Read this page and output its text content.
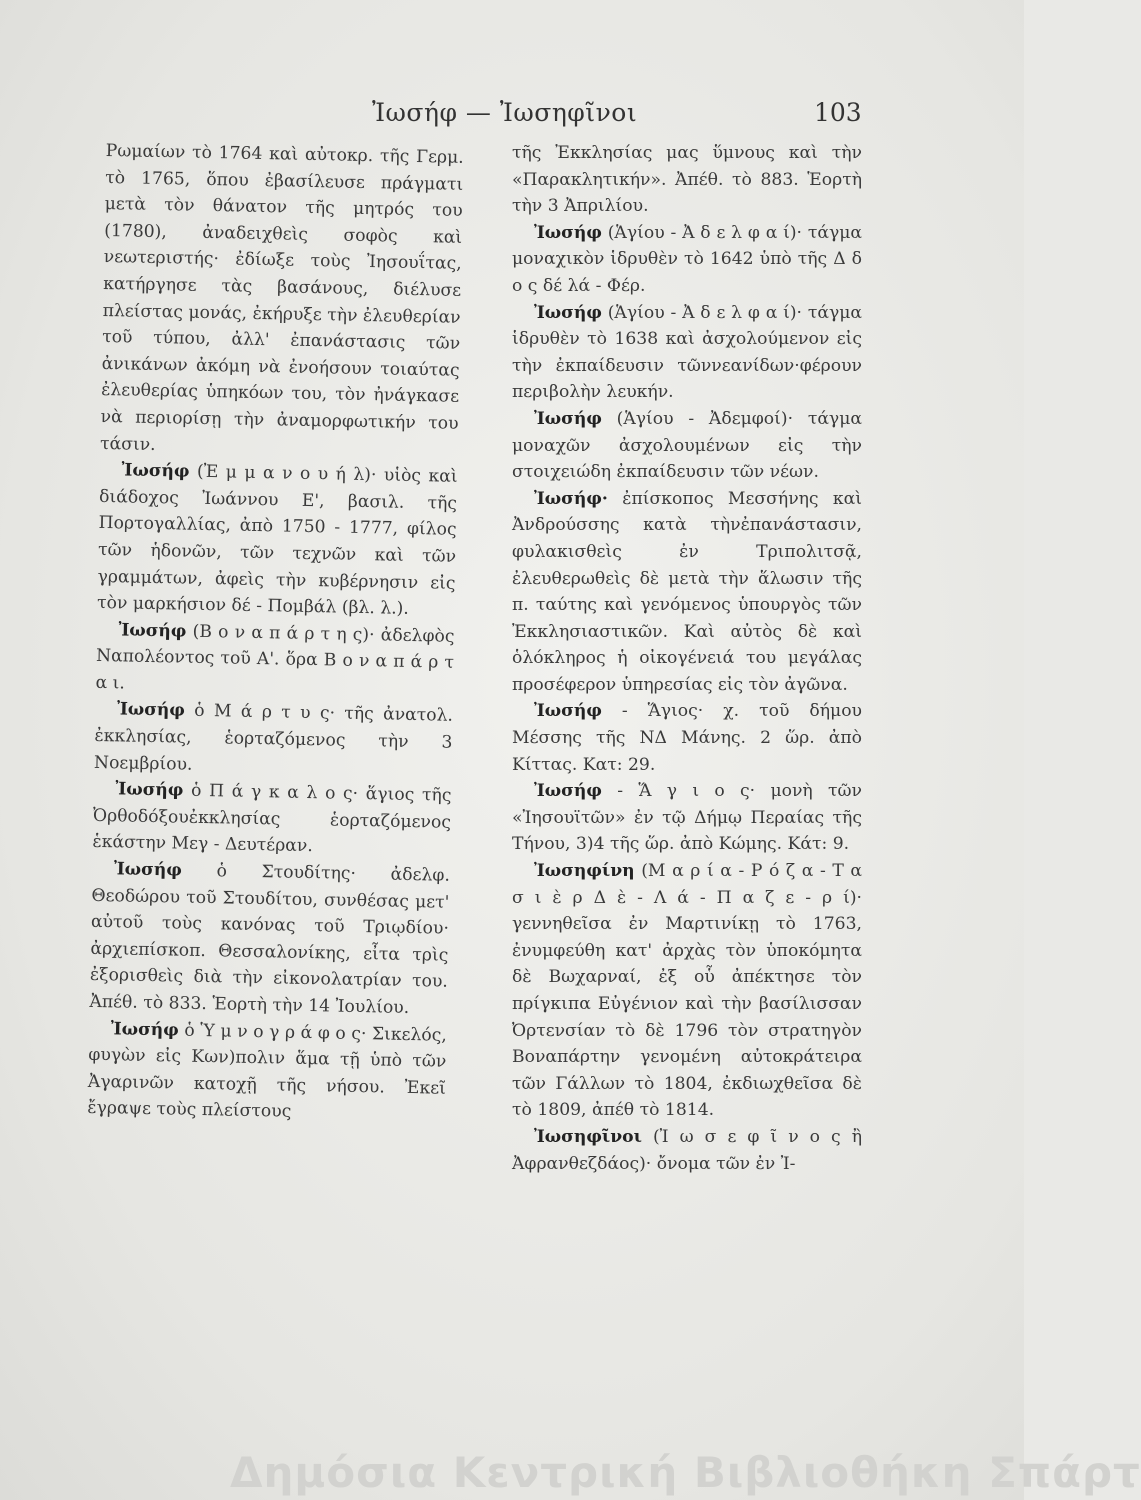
Ἰωσήφ — Ἰωσηφῖνοι	103

Ρωμαίων τὸ 1764 καὶ αὐτοκρ. τῆς Γερμ. τὸ 1765, ὅπου ἐβασίλευσε πράγματι μετὰ τὸν θάνατον τῆς μητρός του (1780), ἀναδειχθεὶς σοφὸς καὶ νεωτεριστής· ἐδίωξε τοὺς Ἰησουΐτας, κατήργησε τὰς βασάνους, διέλυσε πλείστας μονάς, ἐκήρυξε τὴν ἐλευθερίαν τοῦ τύπου, ἀλλ' ἐπανάστασις τῶν ἀνικάνων ἀκόμη νὰ ἐνοήσουν τοιαύτας ἐλευθερίας ὑπηκόων του, τὸν ἠνάγκασε νὰ περιορίσῃ τὴν ἀναμορφωτικήν του τάσιν.

Ἰωσήφ (Ἐ μ μ α ν ο υ ή λ)· υἱὸς καὶ διάδοχος Ἰωάννου Ε', βασιλ. τῆς Πορτογαλλίας, ἀπὸ 1750 - 1777, φίλος τῶν ἡδονῶν, τῶν τεχνῶν καὶ τῶν γραμμάτων, ἀφεὶς τὴν κυβέρνησιν εἰς τὸν μαρκήσιον δέ - Πομβάλ (βλ. λ.).

Ἰωσήφ (Β ο ν α π ά ρ τ η ς)· ἀδελφὸς Ναπολέοντος τοῦ Α'. ὅρα Β ο ν α π ά ρ τ α ι.

Ἰωσήφ ὁ Μ ά ρ τ υ ς· τῆς ἀνατολ. ἐκκλησίας, ἑορταζόμενος τὴν 3 Νοεμβρίου.

Ἰωσήφ ὁ Π ά γ κ α λ ο ς· ἅγιος τῆς Ὀρθοδόξουἐκκλησίας ἑορταζόμενος ἑκάστην Μεγ - Δευτέραν.

Ἰωσήφ ὁ Στουδίτης· ἀδελφ. Θεοδώρου τοῦ Στουδίτου, συνθέσας μετ' αὐτοῦ τοὺς κανόνας τοῦ Τριῳδίου· ἀρχιεπίσκοπ. Θεσσαλονίκης, εἶτα τρὶς ἐξορισθεὶς διὰ τὴν εἰκονολατρίαν του. Ἀπέθ. τὸ 833. Ἑορτὴ τὴν 14 Ἰουλίου.

Ἰωσήφ ὁ Ὑ μ ν ο γ ρ ά φ ο ς· Σικελός, φυγὼν εἰς Κων)πολιν ἅμα τῇ ὑπὸ τῶν Ἀγαρινῶν κατοχῇ τῆς νήσου. Ἐκεῖ ἔγραψε τοὺς πλείστους

τῆς Ἐκκλησίας μας ὕμνους καὶ τὴν «Παρακλητικήν». Ἀπέθ. τὸ 883. Ἑορτὴ τὴν 3 Ἀπριλίου.

Ἰωσήφ (Ἁγίου - Ἀ δ ε λ φ α ί)· τάγμα μοναχικὸν ἱδρυθὲν τὸ 1642 ὑπὸ τῆς Δ δ ο ς δέ λά - Φέρ.

Ἰωσήφ (Ἁγίου - Ἀ δ ε λ φ α ί)· τάγμα ἱδρυθὲν τὸ 1638 καὶ ἀσχολούμενον εἰς τὴν ἐκπαίδευσιν τῶννεανίδων·φέρουν περιβολὴν λευκήν.

Ἰωσήφ (Ἁγίου - Ἀδεμφοί)· τάγμα μοναχῶν ἀσχολουμένων εἰς τὴν στοιχειώδη ἐκπαίδευσιν τῶν νέων.

Ἰωσήφ· ἐπίσκοπος Μεσσήνης καὶ Ἀνδρούσσης κατὰ τὴνἐπανάστασιν, φυλακισθεὶς ἐν Τριπολιτσᾷ, ἐλευθερωθεὶς δὲ μετὰ τὴν ἅλωσιν τῆς π. ταύτης καὶ γενόμενος ὑπουργὸς τῶν Ἐκκλησιαστικῶν. Καὶ αὐτὸς δὲ καὶ ὁλόκληρος ἡ οἰκογένειά του μεγάλας προσέφερον ὑπηρεσίας εἰς τὸν ἀγῶνα.

Ἰωσήφ - Ἅγιος· χ. τοῦ δήμου Μέσσης τῆς ΝΔ Μάνης. 2 ὥρ. ἀπὸ Κίττας. Κατ: 29.

Ἰωσήφ - Ἅ γ ι ο ς· μονὴ τῶν «Ἰησουϊτῶν» ἐν τῷ Δήμῳ Περαίας τῆς Τήνου, 3)4 τῆς ὥρ. ἀπὸ Κώμης. Κάτ: 9.

Ἰωσηφίνη (Μ α ρ ί α - Ρ ό ζ α - Τ α σ ι ὲ ρ Δ ὲ - Λ ά - Π α ζ ε - ρ ί)· γεννηθεῖσα ἐν Μαρτινίκῃ τὸ 1763, ἐνυμφεύθη κατ' ἀρχὰς τὸν ὑποκόμητα δὲ Βωχαρναί, ἐξ οὗ ἀπέκτησε τὸν πρίγκιπα Εὐγένιον καὶ τὴν βασίλισσαν Ὀρτενσίαν τὸ δὲ 1796 τὸν στρατηγὸν Βοναπάρτην γενομένη αὐτοκράτειρα τῶν Γάλλων τὸ 1804, ἐκδιωχθεῖσα δὲ τὸ 1809, ἀπέθ τὸ 1814.

Ἰωσηφῖνοι (Ἰ ω σ ε φ ῖ ν ο ς ἢ Ἀφρανθεζδάος)· ὄνομα τῶν ἐν Ἰ-

Δημόσια Κεντρική Βιβλιοθήκη Σπάρτ
